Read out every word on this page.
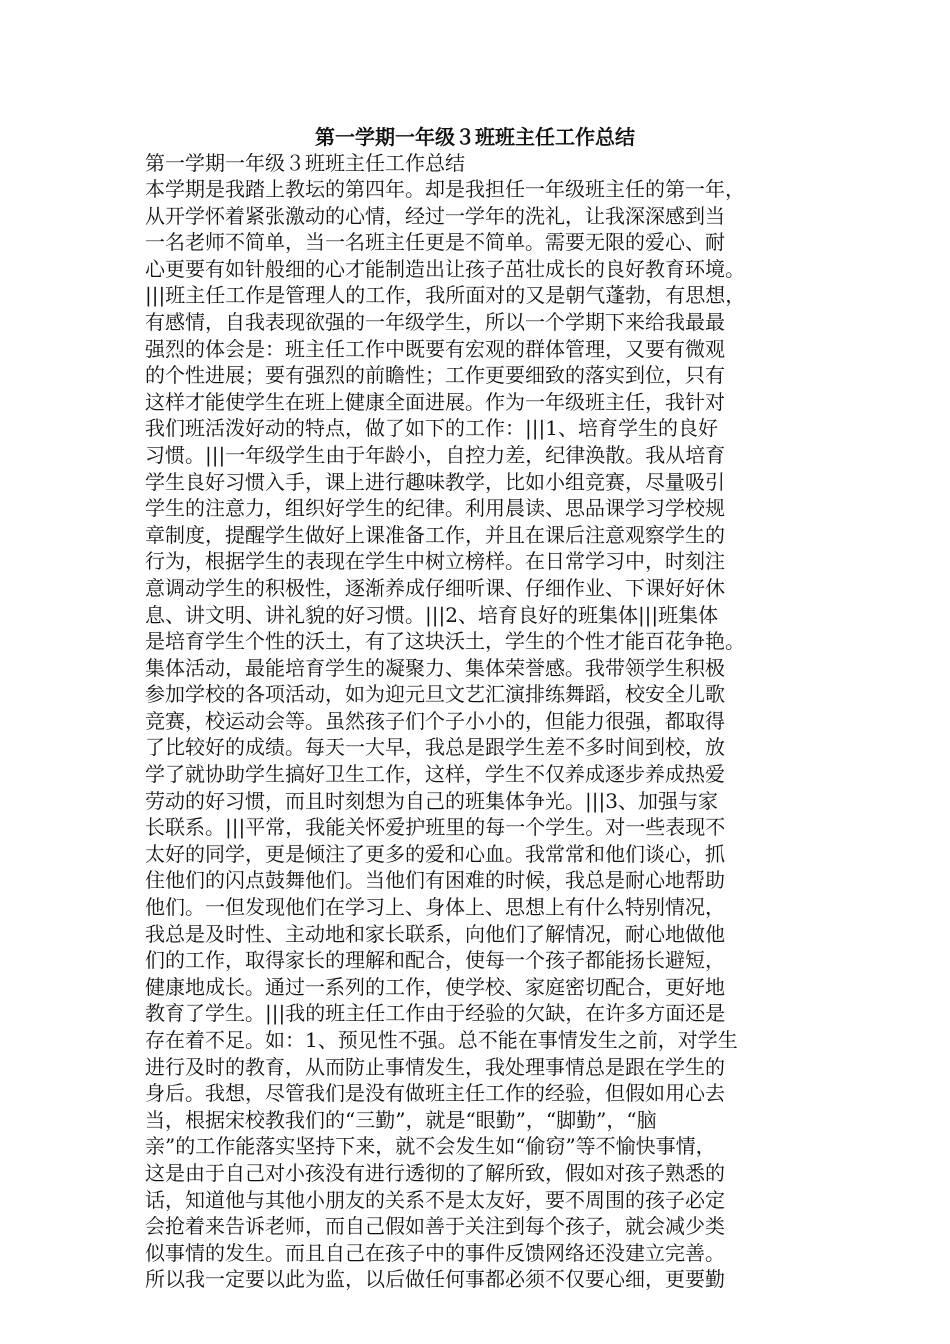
第一学期一年级３班班主任工作总结

第一学期一年级３班班主任工作总结

本学期是我踏上教坛的第四年。却是我担任一年级班主任的第一年，
从开学怀着紧张激动的心情，经过一学年的洗礼，让我深深感到当
一名老师不简单，当一名班主任更是不简单。需要无限的爱心、耐
心更要有如针般细的心才能制造出让孩子茁壮成长的良好教育环境。
|||班主任工作是管理人的工作，我所面对的又是朝气蓬勃，有思想，
有感情，自我表现欲强的一年级学生，所以一个学期下来给我最最
强烈的体会是：班主任工作中既要有宏观的群体管理，又要有微观
的个性进展；要有强烈的前瞻性；工作更要细致的落实到位，只有
这样才能使学生在班上健康全面进展。作为一年级班主任，我针对
我们班活泼好动的特点，做了如下的工作：|||1、培育学生的良好
习惯。|||一年级学生由于年龄小，自控力差，纪律涣散。我从培育
学生良好习惯入手，课上进行趣味教学，比如小组竞赛，尽量吸引
学生的注意力，组织好学生的纪律。利用晨读、思品课学习学校规
章制度，提醒学生做好上课准备工作，并且在课后注意观察学生的
行为，根据学生的表现在学生中树立榜样。在日常学习中，时刻注
意调动学生的积极性，逐渐养成仔细听课、仔细作业、下课好好休
息、讲文明、讲礼貌的好习惯。|||2、培育良好的班集体|||班集体
是培育学生个性的沃土，有了这块沃土，学生的个性才能百花争艳。
集体活动，最能培育学生的凝聚力、集体荣誉感。我带领学生积极
参加学校的各项活动，如为迎元旦文艺汇演排练舞蹈，校安全儿歌
竞赛，校运动会等。虽然孩子们个子小小的，但能力很强，都取得
了比较好的成绩。每天一大早，我总是跟学生差不多时间到校，放
学了就协助学生搞好卫生工作，这样，学生不仅养成逐步养成热爱
劳动的好习惯，而且时刻想为自己的班集体争光。|||3、加强与家
长联系。|||平常，我能关怀爱护班里的每一个学生。对一些表现不
太好的同学，更是倾注了更多的爱和心血。我常常和他们谈心，抓
住他们的闪点鼓舞他们。当他们有困难的时候，我总是耐心地帮助
他们。一但发现他们在学习上、身体上、思想上有什么特别情况，
我总是及时性、主动地和家长联系，向他们了解情况，耐心地做他
们的工作，取得家长的理解和配合，使每一个孩子都能扬长避短，
健康地成长。通过一系列的工作，使学校、家庭密切配合，更好地
教育了学生。|||我的班主任工作由于经验的欠缺，在许多方面还是
存在着不足。如：1、预见性不强。总不能在事情发生之前，对学生
进行及时的教育，从而防止事情发生，我处理事情总是跟在学生的
身后。我想，尽管我们是没有做班主任工作的经验，但假如用心去
当，根据宋校教我们的“三勤”，就是“眼勤”，“脚勤”，“脑
亲”的工作能落实坚持下来，就不会发生如“偷窃”等不愉快事情，
这是由于自己对小孩没有进行透彻的了解所致，假如对孩子熟悉的
话，知道他与其他小朋友的关系不是太友好，要不周围的孩子必定
会抢着来告诉老师，而自己假如善于关注到每个孩子，就会减少类
似事情的发生。而且自己在孩子中的事件反馈网络还没建立完善。
所以我一定要以此为监，以后做任何事都必须不仅要心细，更要勤
